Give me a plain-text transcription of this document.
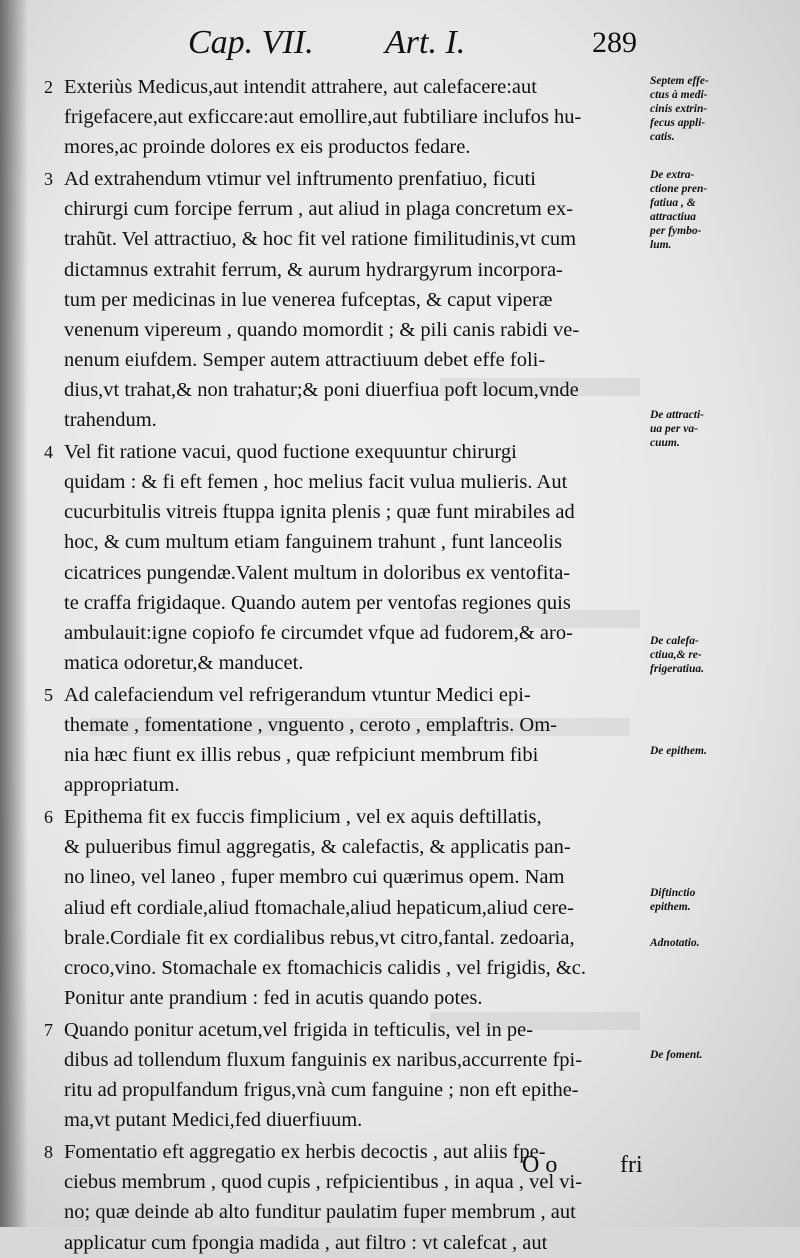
Cap. VII. Art. I.	289
2 Exteriùs Medicus,aut intendit attrahere, aut calefacere:aut
frigefacere,aut exficcare:aut emollire,aut fubtiliare inclufos hu-
mores,ac proinde dolores ex eis productos fedare.
3 Ad extrahendum vtimur vel inftrumento prenfatiuo, ficuti
chirurgi cum forcipe ferrum , aut aliud in plaga concretum ex-
trahũt. Vel attractiuo, & hoc fit vel ratione fimilitudinis,vt cum
dictamnus extrahit ferrum, & aurum hydrargyrum incorpora-
tum per medicinas in lue venerea fufceptas, & caput viperæ
venenum vipereum , quando momordit ; & pili canis rabidi ve-
nenum eiufdem. Semper autem attractiuum debet effe foli-
dius,vt trahat,& non trahatur;& poni diuerfiua poft locum,vnde
trahendum.
4 Vel fit ratione vacui, quod fuctione exequuntur chirurgi
quidam : & fi eft femen , hoc melius facit vulua mulieris. Aut
cucurbitulis vitreis ftuppa ignita plenis ; quæ funt mirabiles ad
hoc, & cum multum etiam fanguinem trahunt , funt lanceolis
cicatrices pungendæ.Valent multum in doloribus ex ventofita-
te craffa frigidaque. Quando autem per ventofas regiones quis
ambulauit:igne copiofo fe circumdet vfque ad fudorem,& aro-
matica odoretur,& manducet.
5 Ad calefaciendum vel refrigerandum vtuntur Medici epi-
themate , fomentatione , vnguento , ceroto , emplaftris. Om-
nia hæc fiunt ex illis rebus , quæ refpiciunt membrum fibi
appropriatum.
6 Epithema fit ex fuccis fimplicium , vel ex aquis deftillatis,
& pulueribus fimul aggregatis, & calefactis, & applicatis pan-
no lineo, vel laneo , fuper membro cui quærimus opem. Nam
aliud eft cordiale,aliud ftomachale,aliud hepaticum,aliud cere-
brale.Cordiale fit ex cordialibus rebus,vt citro,fantal. zedoaria,
croco,vino. Stomachale ex ftomachicis calidis , vel frigidis, &c.
Ponitur ante prandium : fed in acutis quando potes.
7 Quando ponitur acetum,vel frigida in tefticulis, vel in pe-
dibus ad tollendum fluxum fanguinis ex naribus,accurrente fpi-
ritu ad propulfandum frigus,vnà cum fanguine ; non eft epithe-
ma,vt putant Medici,fed diuerfiuum.
8 Fomentatio eft aggregatio ex herbis decoctis , aut aliis fpe-
ciebus membrum , quod cupis , refpicientibus , in aqua , vel vi-
no; quæ deinde ab alto funditur paulatim fuper membrum , aut
applicatur cum fpongia madida , aut filtro : vt calefcat , aut
Septem effe-
ctus à medi-
cinis extrin-
fecus appli-
catis.
De extra-
ctione pren-
fatiua , &
attractiua
per fymbo-
lum.
De attracti-
ua per va-
cuum.
De calefa-
ctiua,& re-
frigeratiua.
De epithem.
Diftinctio
epithem.
Adnotatio.
De foment.
O o	fri
